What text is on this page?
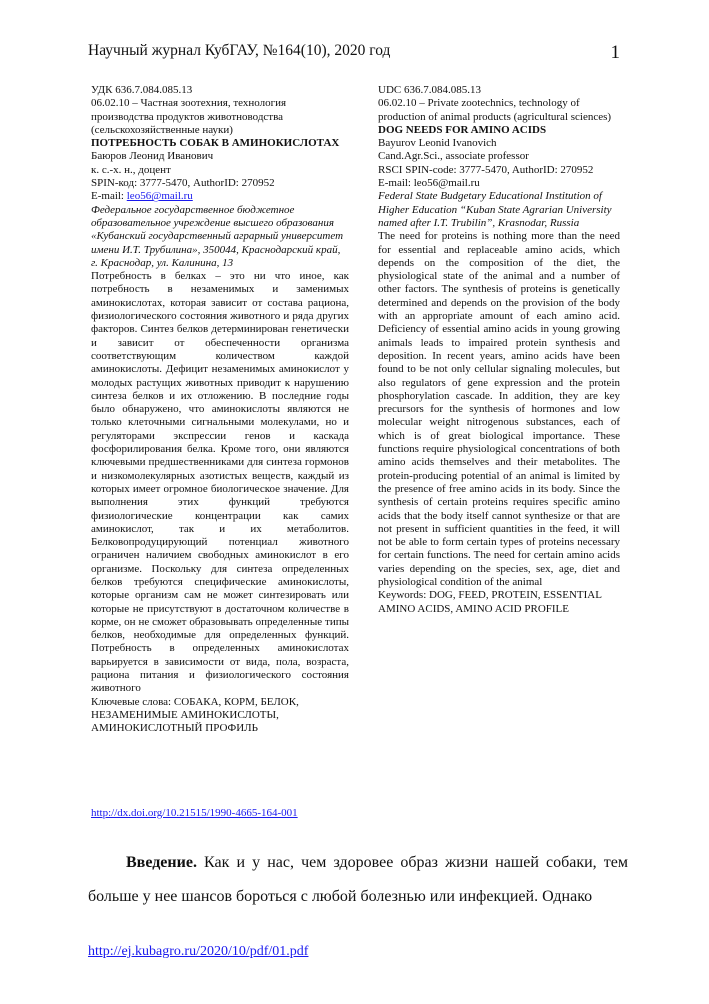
Научный журнал КубГАУ, №164(10), 2020 год	1

УДК 636.7.084.085.13

06.02.10 – Частная зоотехния, технология производства продуктов животноводства (сельскохозяйственные науки)

ПОТРЕБНОСТЬ СОБАК В АМИНОКИСЛОТАХ

Баюров Леонид Иванович

к. с.-х. н., доцент

SPIN-код: 3777-5470, AuthorID: 270952

E-mail: leo56@mail.ru

Федеральное государственное бюджетное образовательное учреждение высшего образования «Кубанский государственный аграрный университет имени И.Т. Трубилина», 350044, Краснодарский край, г. Краснодар, ул. Калинина, 13

Потребность в белках – это ни что иное, как потребность в незаменимых и заменимых аминокислотах, которая зависит от состава рациона, физиологического состояния животного и ряда других факторов. Синтез белков детерминирован генетически и зависит от обеспеченности организма соответствующим количеством каждой аминокислоты. Дефицит незаменимых аминокислот у молодых растущих животных приводит к нарушению синтеза белков и их отложению. В последние годы было обнаружено, что аминокислоты являются не только клеточными сигнальными молекулами, но и регуляторами экспрессии генов и каскада фосфорилирования белка. Кроме того, они являются ключевыми предшественниками для синтеза гормонов и низкомолекулярных азотистых веществ, каждый из которых имеет огромное биологическое значение. Для выполнения этих функций требуются физиологические концентрации как самих аминокислот, так и их метаболитов. Белковопродуцирующий потенциал животного ограничен наличием свободных аминокислот в его организме. Поскольку для синтеза определенных белков требуются специфические аминокислоты, которые организм сам не может синтезировать или которые не присутствуют в достаточном количестве в корме, он не сможет образовывать определенные типы белков, необходимые для определенных функций. Потребность в определенных аминокислотах варьируется в зависимости от вида, пола, возраста, рациона питания и физиологического состояния животного

Ключевые слова: СОБАКА, КОРМ, БЕЛОК, НЕЗАМЕНИМЫЕ АМИНОКИСЛОТЫ, АМИНОКИСЛОТНЫЙ ПРОФИЛЬ

UDC 636.7.084.085.13

06.02.10 – Private zootechnics, technology of production of animal products (agricultural sciences)

DOG NEEDS FOR AMINO ACIDS

Bayurov Leonid Ivanovich

Cand.Agr.Sci., associate professor

RSCI SPIN-code: 3777-5470, AuthorID: 270952

E-mail: leo56@mail.ru

Federal State Budgetary Educational Institution of Higher Education “Kuban State Agrarian University named after I.T. Trubilin”, Krasnodar, Russia

The need for proteins is nothing more than the need for essential and replaceable amino acids, which depends on the composition of the diet, the physiological state of the animal and a number of other factors. The synthesis of proteins is genetically determined and depends on the provision of the body with an appropriate amount of each amino acid. Deficiency of essential amino acids in young growing animals leads to impaired protein synthesis and deposition. In recent years, amino acids have been found to be not only cellular signaling molecules, but also regulators of gene expression and the protein phosphorylation cascade. In addition, they are key precursors for the synthesis of hormones and low molecular weight nitrogenous substances, each of which is of great biological importance. These functions require physiological concentrations of both amino acids themselves and their metabolites. The protein-producing potential of an animal is limited by the presence of free amino acids in its body. Since the synthesis of certain proteins requires specific amino acids that the body itself cannot synthesize or that are not present in sufficient quantities in the feed, it will not be able to form certain types of proteins necessary for certain functions. The need for certain amino acids varies depending on the species, sex, age, diet and physiological condition of the animal

Keywords: DOG, FEED, PROTEIN, ESSENTIAL AMINO ACIDS, AMINO ACID PROFILE

http://dx.doi.org/10.21515/1990-4665-164-001
Введение. Как и у нас, чем здоровее образ жизни нашей собаки, тем больше у нее шансов бороться с любой болезнью или инфекцией. Однако
http://ej.kubagro.ru/2020/10/pdf/01.pdf
